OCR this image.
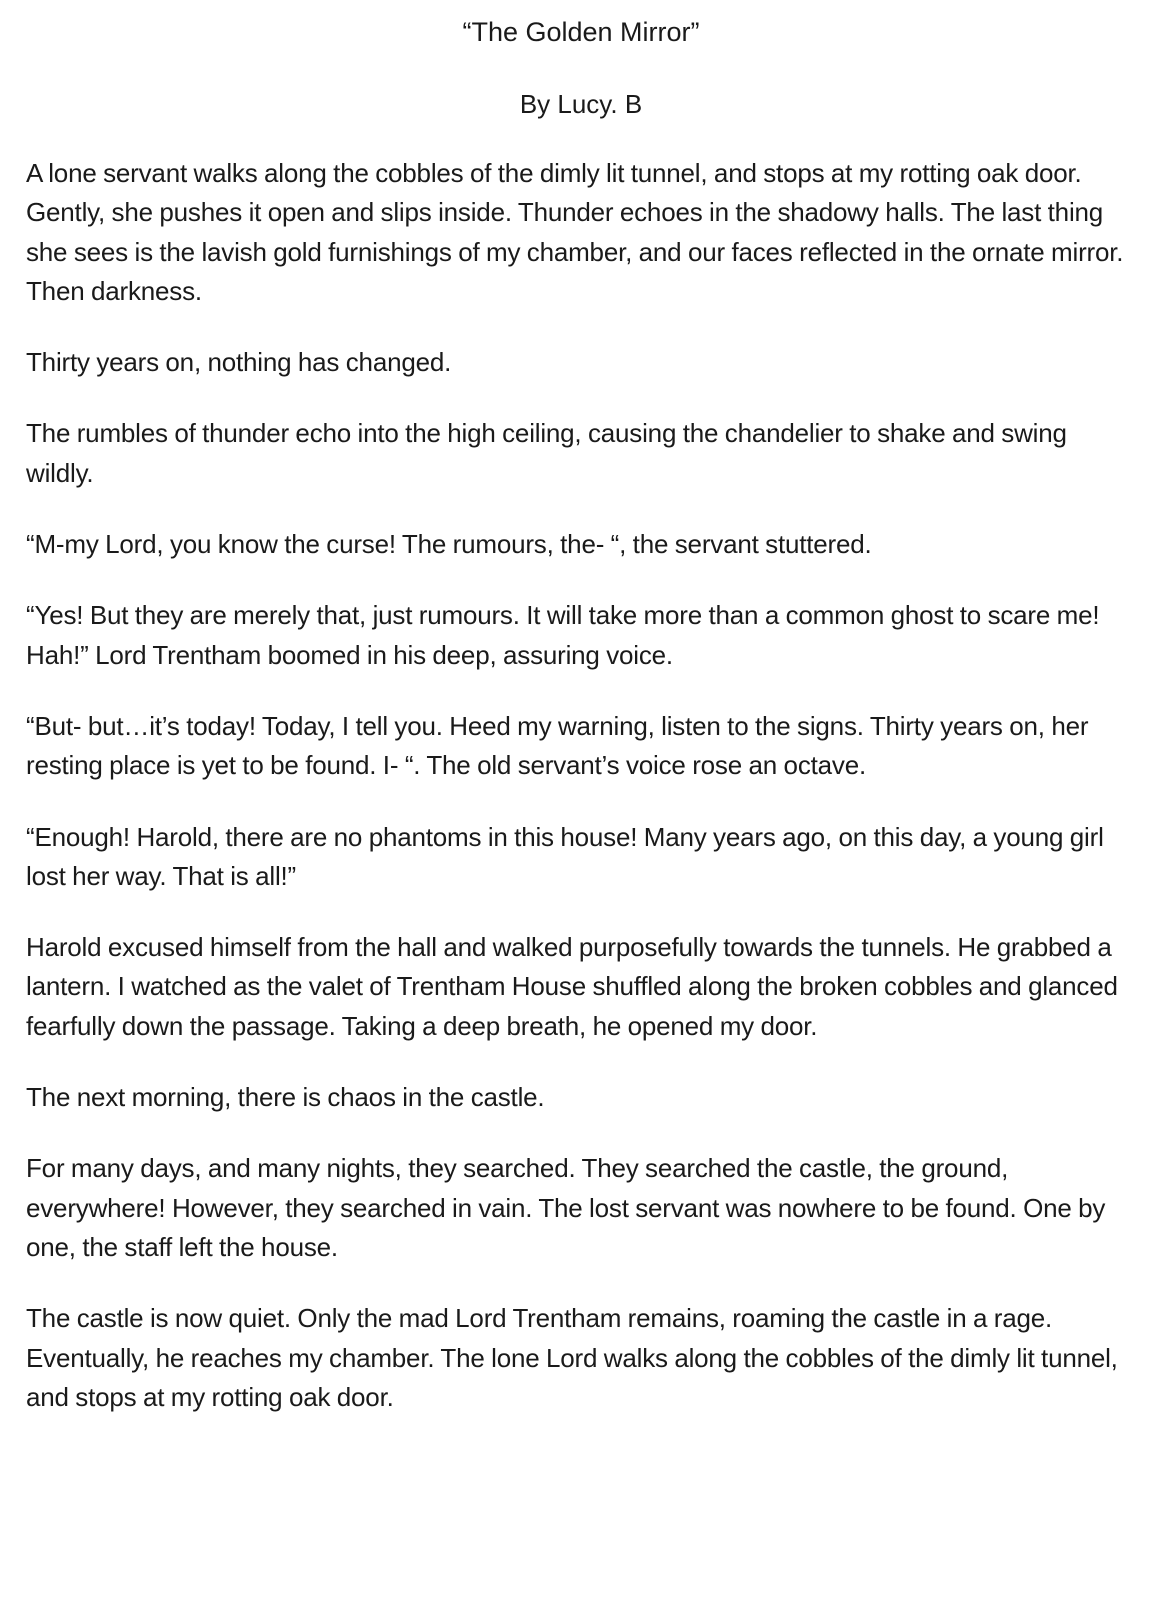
“The Golden Mirror”

By Lucy. B

A lone servant walks along the cobbles of the dimly lit tunnel, and stops at my rotting oak door. Gently, she pushes it open and slips inside. Thunder echoes in the shadowy halls. The last thing she sees is the lavish gold furnishings of my chamber, and our faces reflected in the ornate mirror. Then darkness.

Thirty years on, nothing has changed.

The rumbles of thunder echo into the high ceiling, causing the chandelier to shake and swing wildly.

“M-my Lord, you know the curse! The rumours, the- “, the servant stuttered.

“Yes! But they are merely that, just rumours. It will take more than a common ghost to scare me! Hah!” Lord Trentham boomed in his deep, assuring voice.

“But- but…it’s today! Today, I tell you. Heed my warning, listen to the signs. Thirty years on, her resting place is yet to be found. I- “. The old servant’s voice rose an octave.

“Enough! Harold, there are no phantoms in this house! Many years ago, on this day, a young girl lost her way. That is all!”

Harold excused himself from the hall and walked purposefully towards the tunnels. He grabbed a lantern. I watched as the valet of Trentham House shuffled along the broken cobbles and glanced fearfully down the passage. Taking a deep breath, he opened my door.

The next morning, there is chaos in the castle.

For many days, and many nights, they searched. They searched the castle, the ground, everywhere! However, they searched in vain. The lost servant was nowhere to be found. One by one, the staff left the house.

The castle is now quiet. Only the mad Lord Trentham remains, roaming the castle in a rage. Eventually, he reaches my chamber. The lone Lord walks along the cobbles of the dimly lit tunnel, and stops at my rotting oak door.
